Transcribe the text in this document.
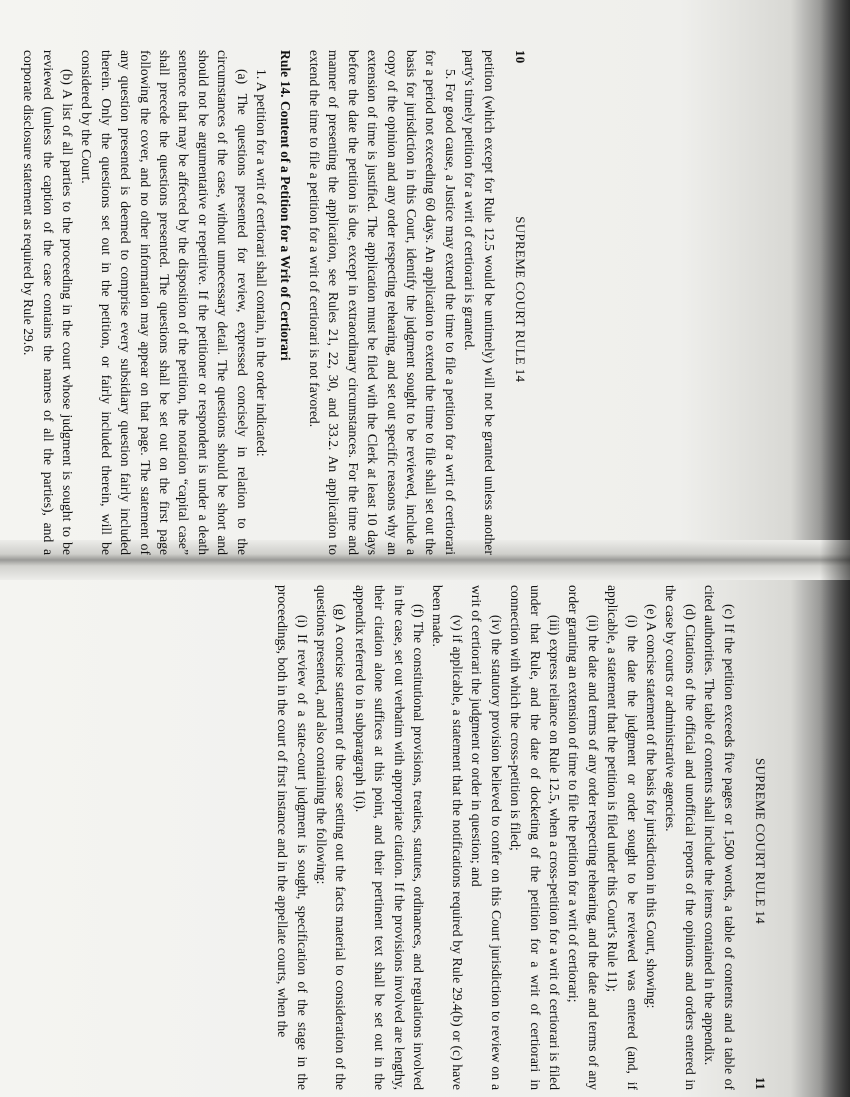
10
SUPREME COURT RULE 14

petition (which except for Rule 12.5 would be untimely) will not be granted unless another party's timely petition for a writ of certiorari is granted.

5. For good cause, a Justice may extend the time to file a petition for a writ of certiorari for a period not exceeding 60 days. An application to extend the time to file shall set out the basis for jurisdiction in this Court, identify the judgment sought to be reviewed, include a copy of the opinion and any order respecting rehearing, and set out specific reasons why an extension of time is justified. The application must be filed with the Clerk at least 10 days before the date the petition is due, except in extraordinary circumstances. For the time and manner of presenting the application, see Rules 21, 22, 30, and 33.2. An application to extend the time to file a petition for a writ of certiorari is not favored.

Rule 14. Content of a Petition for a Writ of Certiorari

1. A petition for a writ of certiorari shall contain, in the order indicated:

(a) The questions presented for review, expressed concisely in relation to the circumstances of the case, without unnecessary detail. The questions should be short and should not be argumentative or repetitive. If the petitioner or respondent is under a death sentence that may be affected by the disposition of the petition, the notation “capital case” shall precede the questions presented. The questions shall be set out on the first page following the cover, and no other information may appear on that page. The statement of any question presented is deemed to comprise every subsidiary question fairly included therein. Only the questions set out in the petition, or fairly included therein, will be considered by the Court.

(b) A list of all parties to the proceeding in the court whose judgment is sought to be reviewed (unless the caption of the case contains the names of all the parties), and a corporate disclosure statement as required by Rule 29.6.

SUPREME COURT RULE 14
11

(c) If the petition exceeds five pages or 1,500 words, a table of contents and a table of cited authorities. The table of contents shall include the items contained in the appendix.

(d) Citations of the official and unofficial reports of the opinions and orders entered in the case by courts or administrative agencies.

(e) A concise statement of the basis for jurisdiction in this Court, showing:

(i) the date the judgment or order sought to be reviewed was entered (and, if applicable, a statement that the petition is filed under this Court's Rule 11);

(ii) the date and terms of any order respecting rehearing, and the date and terms of any order granting an extension of time to file the petition for a writ of certiorari;

(iii) express reliance on Rule 12.5, when a cross-petition for a writ of certiorari is filed under that Rule, and the date of docketing of the petition for a writ of certiorari in connection with which the cross-petition is filed;

(iv) the statutory provision believed to confer on this Court jurisdiction to review on a writ of certiorari the judgment or order in question; and

(v) if applicable, a statement that the notifications required by Rule 29.4(b) or (c) have been made.

(f) The constitutional provisions, treaties, statutes, ordinances, and regulations involved in the case, set out verbatim with appropriate citation. If the provisions involved are lengthy, their citation alone suffices at this point, and their pertinent text shall be set out in the appendix referred to in subparagraph 1(i).

(g) A concise statement of the case setting out the facts material to consideration of the questions presented, and also containing the following:

(i) If review of a state-court judgment is sought, specification of the stage in the proceedings, both in the court of first instance and in the appellate courts, when the
